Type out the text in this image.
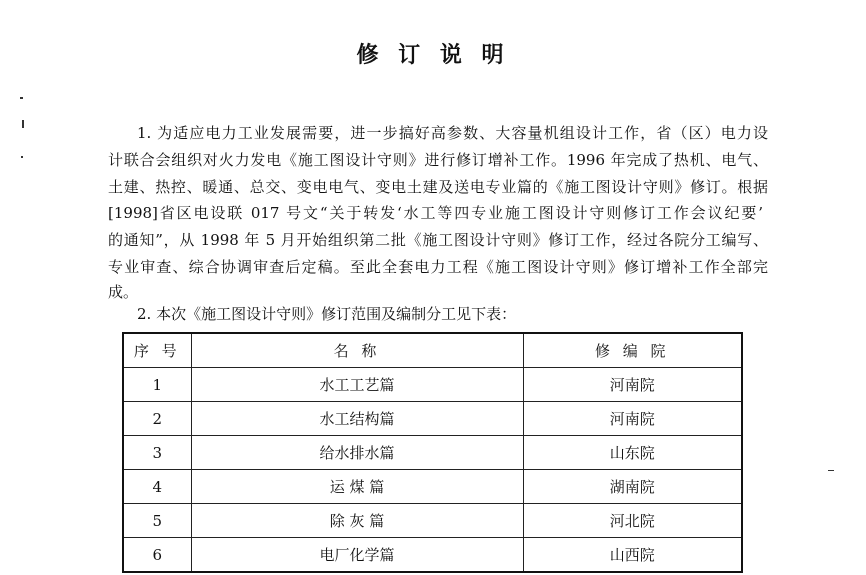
修 订 说 明
1. 为适应电力工业发展需要，进一步搞好高参数、大容量机组设计工作，省（区）电力设
计联合会组织对火力发电《施工图设计守则》进行修订增补工作。1996 年完成了热机、电气、
土建、热控、暖通、总交、变电电气、变电土建及送电专业篇的《施工图设计守则》修订。根据
[1998]省区电设联 017 号文“关于转发‘水工等四专业施工图设计守则修订工作会议纪要’
的通知”，从 1998 年 5 月开始组织第二批《施工图设计守则》修订工作，经过各院分工编写、
专业审查、综合协调审查后定稿。至此全套电力工程《施工图设计守则》修订增补工作全部完
成。
2. 本次《施工图设计守则》修订范围及编制分工见下表：
序 号	名 称	修 编 院
1	水工工艺篇	河南院
2	水工结构篇	河南院
3	给水排水篇	山东院
4	运 煤 篇	湖南院
5	除 灰 篇	河北院
6	电厂化学篇	山西院
